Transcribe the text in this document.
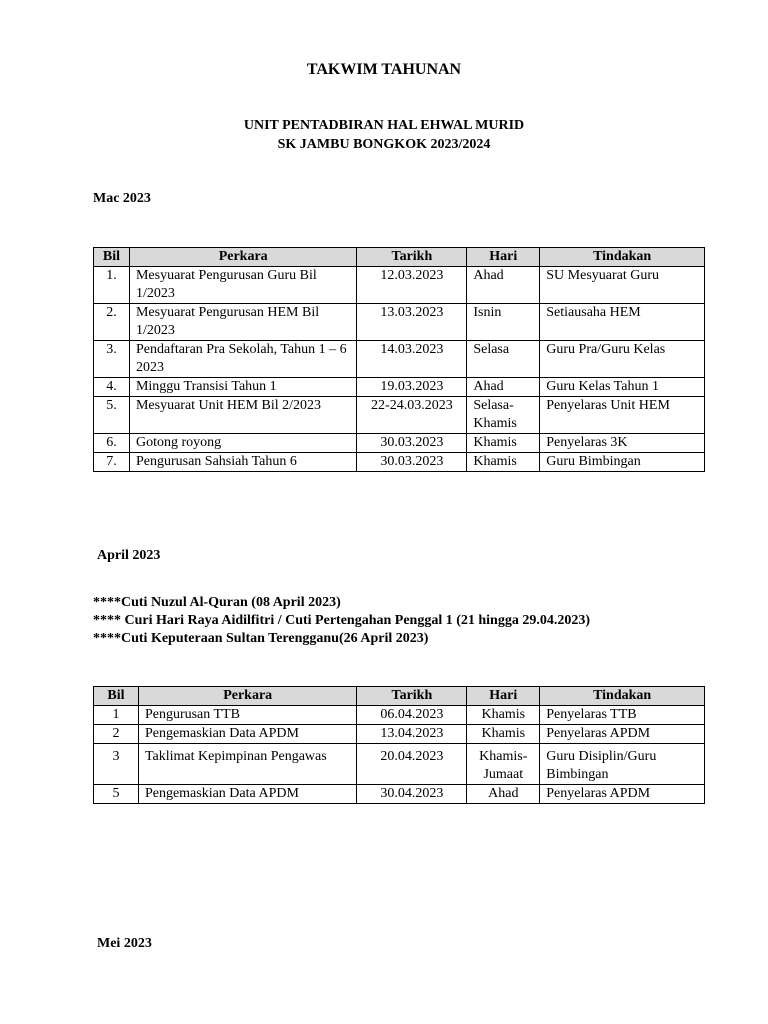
TAKWIM TAHUNAN
UNIT PENTADBIRAN HAL EHWAL MURID
SK JAMBU BONGKOK 2023/2024
Mac 2023
Bil	Perkara	Tarikh	Hari	Tindakan
1.	Mesyuarat Pengurusan Guru Bil 1/2023	12.03.2023	Ahad	SU Mesyuarat Guru
2.	Mesyuarat Pengurusan HEM Bil 1/2023	13.03.2023	Isnin	Setiausaha HEM
3.	Pendaftaran Pra Sekolah, Tahun 1 – 6 2023	14.03.2023	Selasa	Guru Pra/Guru Kelas
4.	Minggu Transisi Tahun 1	19.03.2023	Ahad	Guru Kelas Tahun 1
5.	Mesyuarat Unit HEM Bil 2/2023	22-24.03.2023	Selasa-Khamis	Penyelaras Unit HEM
6.	Gotong royong	30.03.2023	Khamis	Penyelaras 3K
7.	Pengurusan Sahsiah Tahun 6	30.03.2023	Khamis	Guru Bimbingan
April 2023
****Cuti Nuzul Al-Quran (08 April 2023)
**** Curi Hari Raya Aidilfitri / Cuti Pertengahan Penggal 1 (21 hingga 29.04.2023)
****Cuti Keputeraan Sultan Terengganu(26 April 2023)
Bil	Perkara	Tarikh	Hari	Tindakan
1	Pengurusan TTB	06.04.2023	Khamis	Penyelaras TTB
2	Pengemaskian Data APDM	13.04.2023	Khamis	Penyelaras APDM
3	Taklimat Kepimpinan Pengawas	20.04.2023	Khamis-Jumaat	Guru Disiplin/Guru Bimbingan
5	Pengemaskian Data APDM	30.04.2023	Ahad	Penyelaras APDM
Mei 2023
